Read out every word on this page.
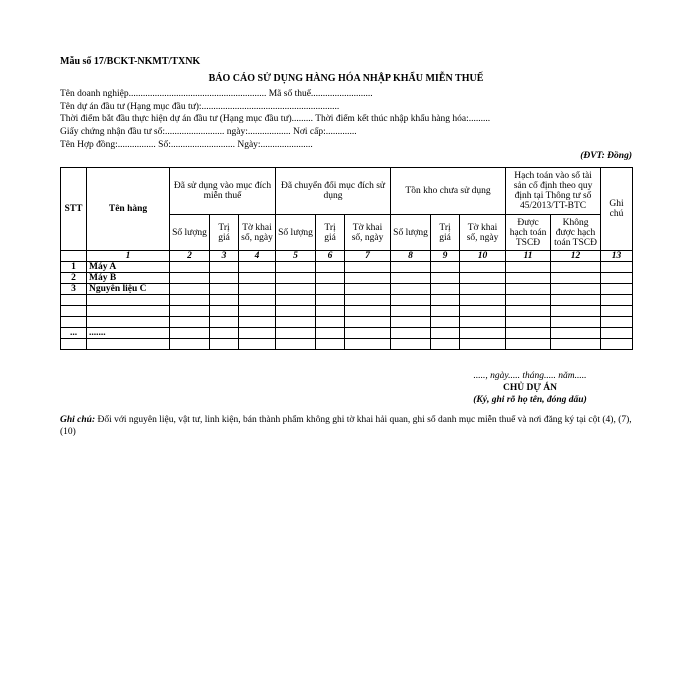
Mẫu số 17/BCKT-NKMT/TXNK
BÁO CÁO SỬ DỤNG HÀNG HÓA NHẬP KHẨU MIỄN THUẾ
Tên doanh nghiệp.......................................................... Mã số thuế..........................
Tên dự án đầu tư (Hạng mục đầu tư):..........................................................
Thời điểm bắt đầu thực hiện dự án đầu tư (Hạng mục đầu tư)......... Thời điểm kết thúc nhập khẩu hàng hóa:.........
Giấy chứng nhận đầu tư số:......................... ngày:.................. Nơi cấp:.............
Tên Hợp đồng:................ Số:........................... Ngày:......................
(ĐVT: Đồng)
STT	Tên hàng	Đã sử dụng vào mục đích miễn thuế			Đã chuyển đổi mục đích sử dụng			Tồn kho chưa sử dụng			Hạch toán vào sổ tài sản cố định theo quy định tại Thông tư số 45/2013/TT-BTC		Ghi chú
		Số lượng	Trị giá	Tờ khai số, ngày	Số lượng	Trị giá	Tờ khai số, ngày	Số lượng	Trị giá	Tờ khai số, ngày	Được hạch toán TSCĐ	Không được hạch toán TSCĐ	
	1	2	3	4	5	6	7	8	9	10	11	12	13
1	Máy A												
2	Máy B												
3	Nguyên liệu C												

...	.......												

....., ngày..... tháng..... năm.....
CHỦ DỰ ÁN
(Ký, ghi rõ họ tên, đóng dấu)
Ghi chú: Đối với nguyên liệu, vật tư, linh kiện, bán thành phẩm không ghi tờ khai hải quan, ghi số danh mục miễn thuế và nơi đăng ký tại cột (4), (7), (10)
